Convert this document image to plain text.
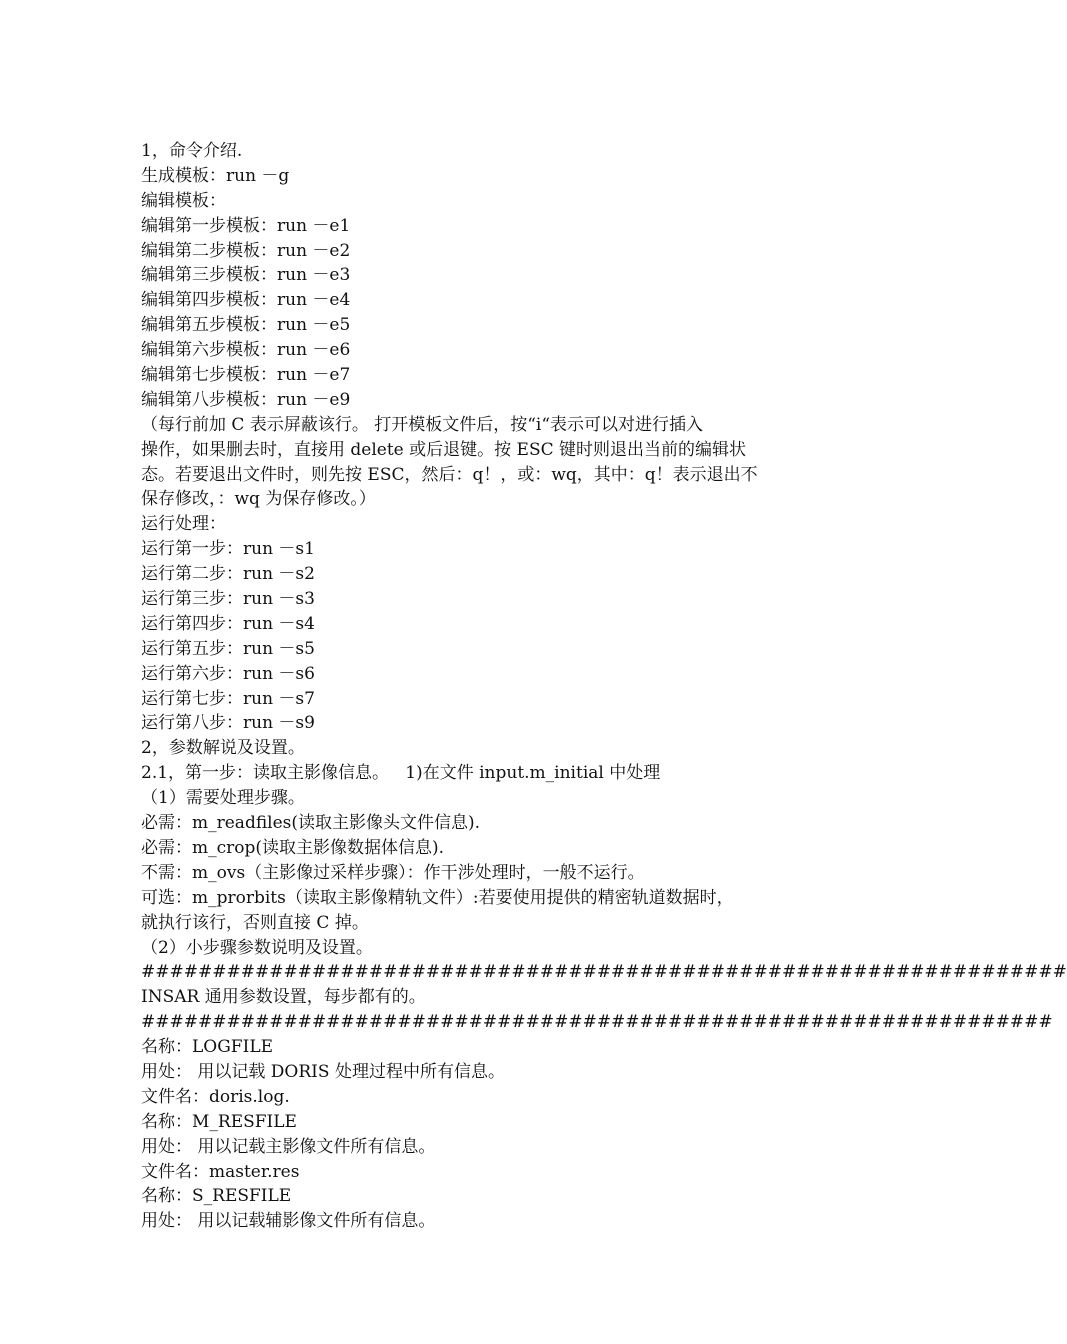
1，命令介绍.
生成模板：run －g
编辑模板：
编辑第一步模板：run －e1
编辑第二步模板：run －e2
编辑第三步模板：run －e3
编辑第四步模板：run －e4
编辑第五步模板：run －e5
编辑第六步模板：run －e6
编辑第七步模板：run －e7
编辑第八步模板：run －e9
（每行前加 C 表示屏蔽该行。 打开模板文件后，按“i“表示可以对进行插入
操作，如果删去时，直接用 delete 或后退键。按 ESC 键时则退出当前的编辑状
态。若要退出文件时，则先按 ESC，然后：q！，或：wq，其中：q！表示退出不
保存修改，：wq 为保存修改。）
运行处理：
运行第一步：run －s1
运行第二步：run －s2
运行第三步：run －s3
运行第四步：run －s4
运行第五步：run －s5
运行第六步：run －s6
运行第七步：run －s7
运行第八步：run －s9
2，参数解说及设置。
2.1，第一步：读取主影像信息。   1)在文件 input.m_initial 中处理
（1）需要处理步骤。
必需：m_readfiles(读取主影像头文件信息).
必需：m_crop(读取主影像数据体信息).
不需：m_ovs（主影像过采样步骤）：作干涉处理时，一般不运行。
可选：m_prorbits（读取主影像精轨文件）:若要使用提供的精密轨道数据时，
就执行该行，否则直接 C 掉。
（2）小步骤参数说明及设置。
#################################################################
INSAR 通用参数设置，每步都有的。
################################################################
名称：LOGFILE
用处： 用以记载 DORIS 处理过程中所有信息。
文件名：doris.log.
名称：M_RESFILE
用处： 用以记载主影像文件所有信息。
文件名：master.res
名称：S_RESFILE
用处： 用以记载辅影像文件所有信息。
